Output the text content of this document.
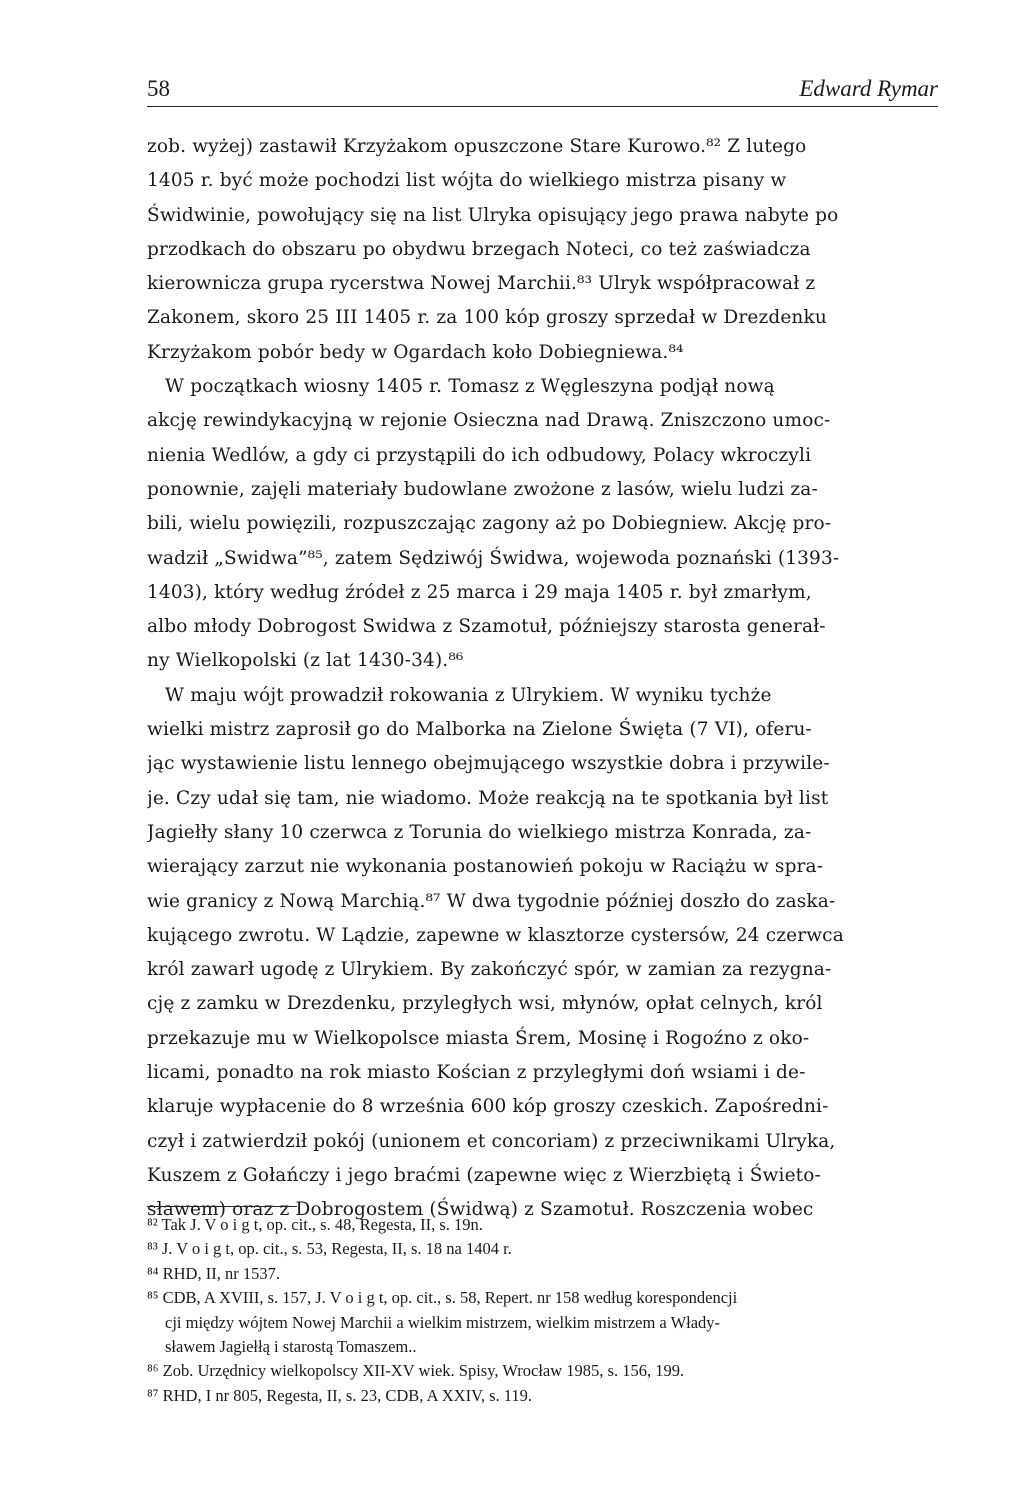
58	Edward Rymar
zob. wyżej) zastawił Krzyżakom opuszczone Stare Kurowo.⁸² Z lutego
1405 r. być może pochodzi list wójta do wielkiego mistrza pisany w
Świdwinie, powołujący się na list Ulryka opisujący jego prawa nabyte po
przodkach do obszaru po obydwu brzegach Noteci, co też zaświadcza
kierownicza grupa rycerstwa Nowej Marchii.⁸³ Ulryk współpracował z
Zakonem, skoro 25 III 1405 r. za 100 kóp groszy sprzedał w Drezdenku
Krzyżakom pobór bedy w Ogardach koło Dobiegniewa.⁸⁴
W początkach wiosny 1405 r. Tomasz z Węgleszyna podjął nową
akcję rewindykacyjną w rejonie Osieczna nad Drawą. Zniszczono umoc-
nienia Wedlów, a gdy ci przystąpili do ich odbudowy, Polacy wkroczyli
ponownie, zajęli materiały budowlane zwożone z lasów, wielu ludzi za-
bili, wielu powięzili, rozpuszczając zagony aż po Dobiegniew. Akcję pro-
wadził „Swidwa”⁸⁵, zatem Sędziwój Świdwa, wojewoda poznański (1393-
1403), który według źródeł z 25 marca i 29 maja 1405 r. był zmarłym,
albo młody Dobrogost Swidwa z Szamotuł, późniejszy starosta generał-
ny Wielkopolski (z lat 1430-34).⁸⁶
W maju wójt prowadził rokowania z Ulrykiem. W wyniku tychże
wielki mistrz zaprosił go do Malborka na Zielone Święta (7 VI), oferu-
jąc wystawienie listu lennego obejmującego wszystkie dobra i przywile-
je. Czy udał się tam, nie wiadomo. Może reakcją na te spotkania był list
Jagiełły słany 10 czerwca z Torunia do wielkiego mistrza Konrada, za-
wierający zarzut nie wykonania postanowień pokoju w Raciążu w spra-
wie granicy z Nową Marchią.⁸⁷ W dwa tygodnie później doszło do zaska-
kującego zwrotu. W Lądzie, zapewne w klasztorze cystersów, 24 czerwca
król zawarł ugodę z Ulrykiem. By zakończyć spór, w zamian za rezygna-
cję z zamku w Drezdenku, przyległych wsi, młynów, opłat celnych, król
przekazuje mu w Wielkopolsce miasta Śrem, Mosinę i Rogoźno z oko-
licami, ponadto na rok miasto Kościan z przyległymi doń wsiami i de-
klaruje wypłacenie do 8 września 600 kóp groszy czeskich. Zapośredni-
czył i zatwierdził pokój (unionem et concoriam) z przeciwnikami Ulryka,
Kuszem z Gołańczy i jego braćmi (zapewne więc z Wierzbiętą i Świeto-
sławem) oraz z Dobrogostem (Świdwą) z Szamotuł. Roszczenia wobec
⁸² Tak J. V o i g t, op. cit., s. 48, Regesta, II, s. 19n.
⁸³ J. V o i g t, op. cit., s. 53, Regesta, II, s. 18 na 1404 r.
⁸⁴ RHD, II, nr 1537.
⁸⁵ CDB, A XVIII, s. 157, J. V o i g t, op. cit., s. 58, Repert. nr 158 według korespondencji
cji między wójtem Nowej Marchii a wielkim mistrzem, wielkim mistrzem a Włady-
sławem Jagiełłą i starostą Tomaszem..
⁸⁶ Zob. Urzędnicy wielkopolscy XII-XV wiek. Spisy, Wrocław 1985, s. 156, 199.
⁸⁷ RHD, I nr 805, Regesta, II, s. 23, CDB, A XXIV, s. 119.
